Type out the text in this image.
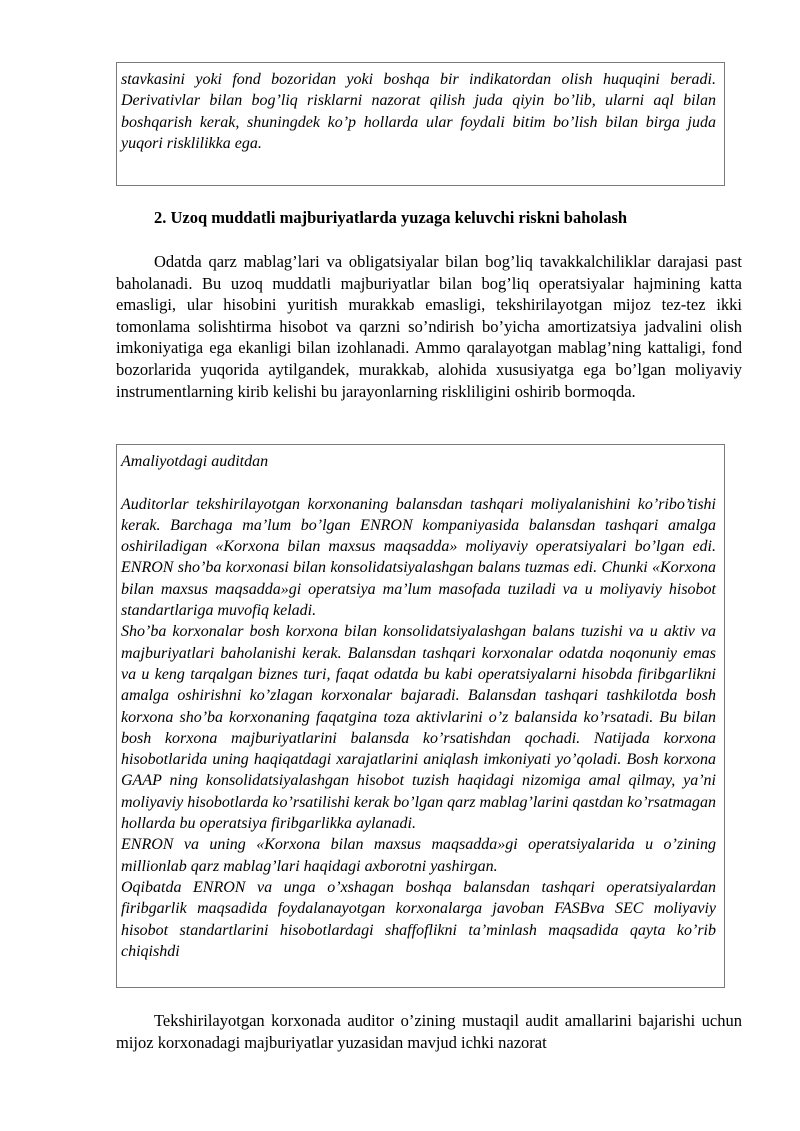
stavkasini yoki fond bozoridan yoki boshqa bir indikatordan olish huquqini beradi. Derivativlar bilan bog’liq risklarni nazorat qilish juda qiyin bo’lib, ularni aql bilan boshqarish kerak, shuningdek ko’p hollarda ular foydali bitim bo’lish bilan birga juda yuqori risklilikka ega.

2. Uzoq muddatli majburiyatlarda yuzaga keluvchi riskni baholash

Odatda qarz mablag’lari va obligatsiyalar bilan bog’liq tavakkalchiliklar darajasi past baholanadi. Bu uzoq muddatli majburiyatlar bilan bog’liq operatsiyalar hajmining katta emasligi, ular hisobini yuritish murakkab emasligi, tekshirilayotgan mijoz tez-tez ikki tomonlama solishtirma hisobot va qarzni so’ndirish bo’yicha amortizatsiya jadvalini olish imkoniyatiga ega ekanligi bilan izohlanadi. Ammo qaralayotgan mablag’ning kattaligi, fond bozorlarida yuqorida aytilgandek, murakkab, alohida xususiyatga ega bo’lgan moliyaviy instrumentlarning kirib kelishi bu jarayonlarning riskliligini oshirib bormoqda.

Amaliyotdagi auditdan

Auditorlar tekshirilayotgan korxonaning balansdan tashqari moliyalanishini ko’ribo’tishi kerak. Barchaga ma’lum bo’lgan ENRON kompaniyasida balansdan tashqari amalga oshiriladigan «Korxona bilan maxsus maqsadda» moliyaviy operatsiyalari bo’lgan edi. ENRON sho’ba korxonasi bilan konsolidatsiyalashgan balans tuzmas edi. Chunki «Korxona bilan maxsus maqsadda»gi operatsiya ma’lum masofada tuziladi va u moliyaviy hisobot standartlariga muvofiq keladi.

Sho’ba korxonalar bosh korxona bilan konsolidatsiyalashgan balans tuzishi va u aktiv va majburiyatlari baholanishi kerak. Balansdan tashqari korxonalar odatda noqonuniy emas va u keng tarqalgan biznes turi, faqat odatda bu kabi operatsiyalarni hisobda firibgarlikni amalga oshirishni ko’zlagan korxonalar bajaradi. Balansdan tashqari tashkilotda bosh korxona sho’ba korxonaning faqatgina toza aktivlarini o’z balansida ko’rsatadi. Bu bilan bosh korxona majburiyatlarini balansda ko’rsatishdan qochadi. Natijada korxona hisobotlarida uning haqiqatdagi xarajatlarini aniqlash imkoniyati yo’qoladi. Bosh korxona GAAP ning konsolidatsiyalashgan hisobot tuzish haqidagi nizomiga amal qilmay, ya’ni moliyaviy hisobotlarda ko’rsatilishi kerak bo’lgan qarz mablag’larini qastdan ko’rsatmagan hollarda bu operatsiya firibgarlikka aylanadi.

ENRON va uning «Korxona bilan maxsus maqsadda»gi operatsiyalarida u o’zining millionlab qarz mablag’lari haqidagi axborotni yashirgan.

Oqibatda ENRON va unga o’xshagan boshqa balansdan tashqari operatsiyalardan firibgarlik maqsadida foydalanayotgan korxonalarga javoban FASBva SEC moliyaviy hisobot standartlarini hisobotlardagi shaffoflikni ta’minlash maqsadida qayta ko’rib chiqishdi

Tekshirilayotgan korxonada auditor o’zining mustaqil audit amallarini bajarishi uchun mijoz korxonadagi majburiyatlar yuzasidan mavjud ichki nazorat
